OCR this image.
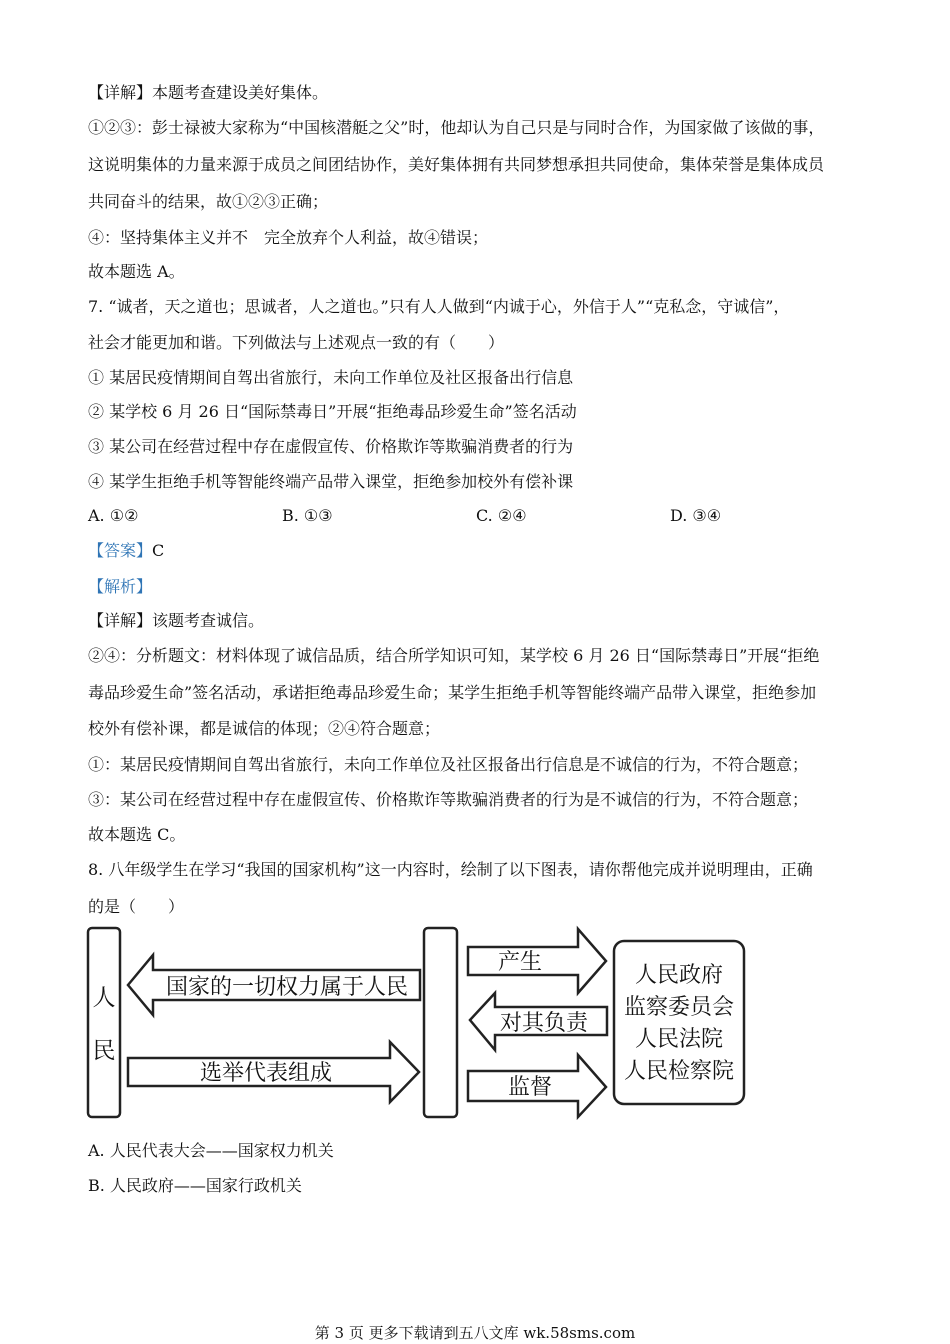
【详解】本题考查建设美好集体。
①②③：彭士禄被大家称为“中国核潜艇之父”时，他却认为自己只是与同时合作，为国家做了该做的事，
这说明集体的力量来源于成员之间团结协作，美好集体拥有共同梦想承担共同使命，集体荣誉是集体成员
共同奋斗的结果，故①②③正确；
④：坚持集体主义并不　完全放弃个人利益，故④错误；
故本题选 A。
7. “诚者，天之道也；思诚者，人之道也。”只有人人做到“内诚于心，外信于人”“克私念，守诚信”，
社会才能更加和谐。下列做法与上述观点一致的有（　　）
① 某居民疫情期间自驾出省旅行，未向工作单位及社区报备出行信息
② 某学校 6 月 26 日“国际禁毒日”开展“拒绝毒品珍爱生命”签名活动
③ 某公司在经营过程中存在虚假宣传、价格欺诈等欺骗消费者的行为
④ 某学生拒绝手机等智能终端产品带入课堂，拒绝参加校外有偿补课
A. ①②	B. ①③	C. ②④	D. ③④
【答案】C
【解析】
【详解】该题考查诚信。
②④：分析题文：材料体现了诚信品质，结合所学知识可知，某学校 6 月 26 日“国际禁毒日”开展“拒绝
毒品珍爱生命”签名活动，承诺拒绝毒品珍爱生命；某学生拒绝手机等智能终端产品带入课堂，拒绝参加
校外有偿补课，都是诚信的体现；②④符合题意；
①：某居民疫情期间自驾出省旅行，未向工作单位及社区报备出行信息是不诚信的行为，不符合题意；
③：某公司在经营过程中存在虚假宣传、价格欺诈等欺骗消费者的行为是不诚信的行为，不符合题意；
故本题选 C。
8. 八年级学生在学习“我国的国家机构”这一内容时，绘制了以下图表，请你帮他完成并说明理由，正确
的是（　　）
人
民
国家的一切权力属于人民
选举代表组成
产生
对其负责
监督
人民政府
监察委员会
人民法院
人民检察院
A. 人民代表大会——国家权力机关
B. 人民政府——国家行政机关
第 3 页 更多下载请到五八文库 wk.58sms.com
